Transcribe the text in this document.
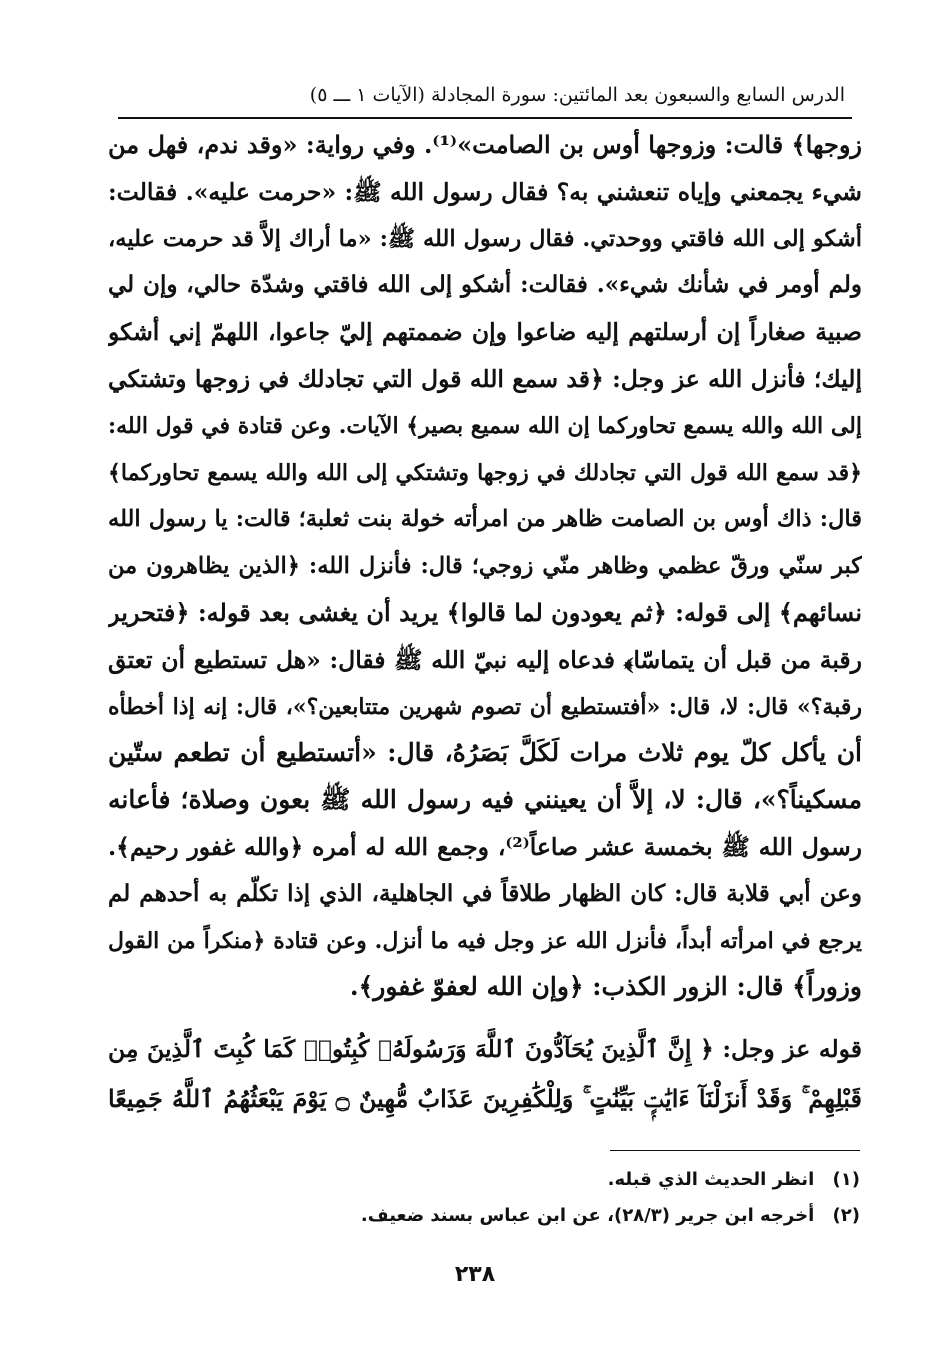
الدرس السابع والسبعون بعد المائتين: سورة المجادلة (الآيات ١ ـــ ٥)
زوجها﴾ قالت: وزوجها أوس بن الصامت»⁽¹⁾. وفي رواية: «وقد ندم، فهل من
شيء يجمعني وإياه تنعشني به؟ فقال رسول الله ﷺ: «حرمت عليه». فقالت:
أشكو إلى الله فاقتي ووحدتي. فقال رسول الله ﷺ: «ما أراك إلاَّ قد حرمت عليه،
ولم أومر في شأنك شيء». فقالت: أشكو إلى الله فاقتي وشدّة حالي، وإن لي
صبية صغاراً إن أرسلتهم إليه ضاعوا وإن ضممتهم إليّ جاعوا، اللهمّ إني أشكو
إليك؛ فأنزل الله عز وجل: ﴿قد سمع الله قول التي تجادلك في زوجها وتشتكي
إلى الله والله يسمع تحاوركما إن الله سميع بصير﴾ الآيات. وعن قتادة في قول الله:
﴿قد سمع الله قول التي تجادلك في زوجها وتشتكي إلى الله والله يسمع تحاوركما﴾
قال: ذاك أوس بن الصامت ظاهر من امرأته خولة بنت ثعلبة؛ قالت: يا رسول الله
كبر سنّي ورقّ عظمي وظاهر منّي زوجي؛ قال: فأنزل الله: ﴿الذين يظاهرون من
نسائهم﴾ إلى قوله: ﴿ثم يعودون لما قالوا﴾ يريد أن يغشى بعد قوله: ﴿فتحرير
رقبة من قبل أن يتماسّا﴾ فدعاه إليه نبيّ الله ﷺ فقال: «هل تستطيع أن تعتق
رقبة؟» قال: لا، قال: «أفتستطيع أن تصوم شهرين متتابعين؟»، قال: إنه إذا أخطأه
أن يأكل كلّ يوم ثلاث مرات لَكَلَّ بَصَرُهُ، قال: «أتستطيع أن تطعم ستّين
مسكيناً؟»، قال: لا، إلاَّ أن يعينني فيه رسول الله ﷺ بعون وصلاة؛ فأعانه
رسول الله ﷺ بخمسة عشر صاعاً⁽²⁾، وجمع الله له أمره ﴿والله غفور رحيم﴾.
وعن أبي قلابة قال: كان الظهار طلاقاً في الجاهلية، الذي إذا تكلّم به أحدهم لم
يرجع في امرأته أبداً، فأنزل الله عز وجل فيه ما أنزل. وعن قتادة ﴿منكراً من القول
وزوراً﴾ قال: الزور الكذب: ﴿وإن الله لعفوّ غفور﴾.
قوله عز وجل: ﴿ إِنَّ ٱلَّذِينَ يُحَآدُّونَ ٱللَّهَ وَرَسُولَهُۥ كُبِتُوا۟ كَمَا كُبِتَ ٱلَّذِينَ مِن
قَبْلِهِمْ ۚ وَقَدْ أَنزَلْنَآ ءَايَٰتٍۭ بَيِّنَٰتٍ ۚ وَلِلْكَٰفِرِينَ عَذَابٌ مُّهِينٌ ۝ يَوْمَ يَبْعَثُهُمُ ٱللَّهُ جَمِيعًا
(١) انظر الحديث الذي قبله.
(٢) أخرجه ابن جرير (٢٨/٣)، عن ابن عباس بسند ضعيف.
٢٣٨
